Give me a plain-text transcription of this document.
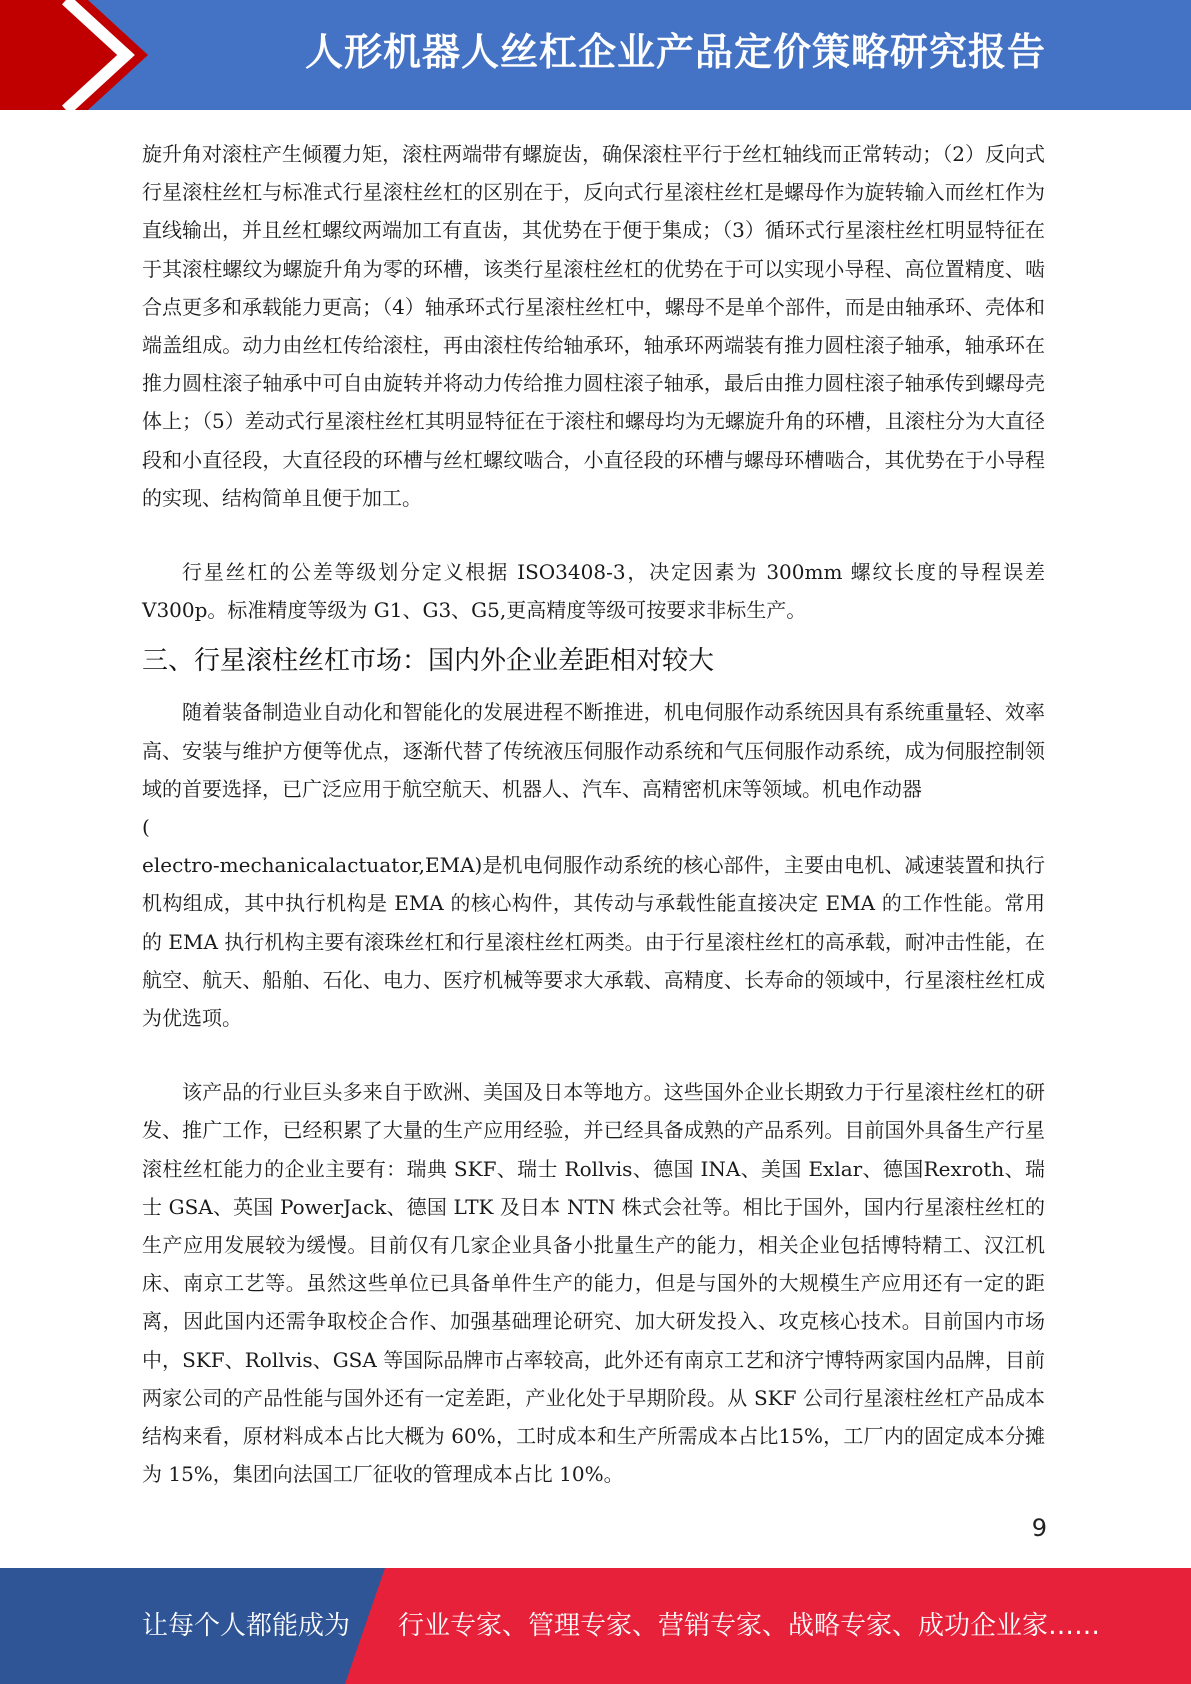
人形机器人丝杠企业产品定价策略研究报告

旋升角对滚柱产生倾覆力矩，滚柱两端带有螺旋齿，确保滚柱平行于丝杠轴线而正常转动；（2）反向式行星滚柱丝杠与标准式行星滚柱丝杠的区别在于，反向式行星滚柱丝杠是螺母作为旋转输入而丝杠作为直线输出，并且丝杠螺纹两端加工有直齿，其优势在于便于集成；（3）循环式行星滚柱丝杠明显特征在于其滚柱螺纹为螺旋升角为零的环槽，该类行星滚柱丝杠的优势在于可以实现小导程、高位置精度、啮合点更多和承载能力更高；（4）轴承环式行星滚柱丝杠中，螺母不是单个部件，而是由轴承环、壳体和端盖组成。动力由丝杠传给滚柱，再由滚柱传给轴承环，轴承环两端装有推力圆柱滚子轴承，轴承环在推力圆柱滚子轴承中可自由旋转并将动力传给推力圆柱滚子轴承，最后由推力圆柱滚子轴承传到螺母壳体上；（5）差动式行星滚柱丝杠其明显特征在于滚柱和螺母均为无螺旋升角的环槽，且滚柱分为大直径段和小直径段，大直径段的环槽与丝杠螺纹啮合，小直径段的环槽与螺母环槽啮合，其优势在于小导程的实现、结构简单且便于加工。

行星丝杠的公差等级划分定义根据 ISO3408-3，决定因素为 300mm 螺纹长度的导程误差V300p。标准精度等级为 G1、G3、G5,更高精度等级可按要求非标生产。

三、行星滚柱丝杠市场：国内外企业差距相对较大

随着装备制造业自动化和智能化的发展进程不断推进，机电伺服作动系统因具有系统重量轻、效率高、安装与维护方便等优点，逐渐代替了传统液压伺服作动系统和气压伺服作动系统，成为伺服控制领域的首要选择，已广泛应用于航空航天、机器人、汽车、高精密机床等领域。机电作动器

(

electro-mechanicalactuator,EMA)是机电伺服作动系统的核心部件，主要由电机、减速装置和执行机构组成，其中执行机构是 EMA 的核心构件，其传动与承载性能直接决定 EMA 的工作性能。常用的 EMA 执行机构主要有滚珠丝杠和行星滚柱丝杠两类。由于行星滚柱丝杠的高承载，耐冲击性能，在航空、航天、船舶、石化、电力、医疗机械等要求大承载、高精度、长寿命的领域中，行星滚柱丝杠成为优选项。

该产品的行业巨头多来自于欧洲、美国及日本等地方。这些国外企业长期致力于行星滚柱丝杠的研发、推广工作，已经积累了大量的生产应用经验，并已经具备成熟的产品系列。目前国外具备生产行星滚柱丝杠能力的企业主要有：瑞典 SKF、瑞士 Rollvis、德国 INA、美国 Exlar、德国Rexroth、瑞士 GSA、英国 PowerJack、德国 LTK 及日本 NTN 株式会社等。相比于国外，国内行星滚柱丝杠的生产应用发展较为缓慢。目前仅有几家企业具备小批量生产的能力，相关企业包括博特精工、汉江机床、南京工艺等。虽然这些单位已具备单件生产的能力，但是与国外的大规模生产应用还有一定的距离，因此国内还需争取校企合作、加强基础理论研究、加大研发投入、攻克核心技术。目前国内市场中，SKF、Rollvis、GSA 等国际品牌市占率较高，此外还有南京工艺和济宁博特两家国内品牌，目前两家公司的产品性能与国外还有一定差距，产业化处于早期阶段。从 SKF 公司行星滚柱丝杠产品成本结构来看，原材料成本占比大概为 60%，工时成本和生产所需成本占比15%，工厂内的固定成本分摊为 15%，集团向法国工厂征收的管理成本占比 10%。

9
让每个人都能成为 行业专家、管理专家、营销专家、战略专家、成功企业家……
